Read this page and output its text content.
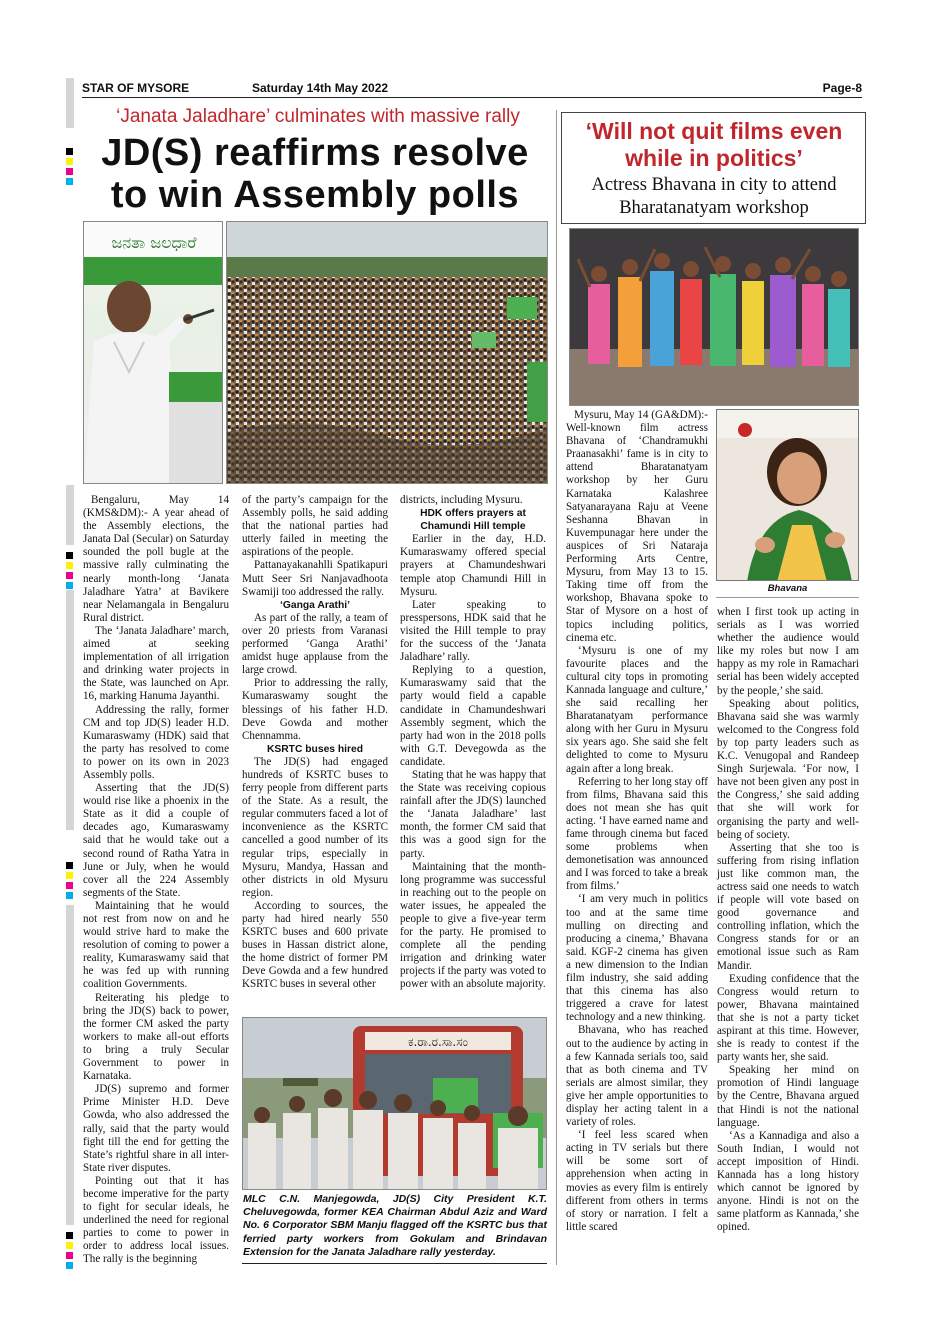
STAR OF MYSORE	Saturday 14th May 2022	Page-8
‘Janata Jaladhare’ culminates with massive rally
JD(S) reaffirms resolve
to win Assembly polls
ಜನತಾ ಜಲಧಾರೆ

Bengaluru, May 14 (KMS&DM):- A year ahead of the Assembly elections, the Janata Dal (Secular) on Saturday sounded the poll bugle at the massive rally culminating the nearly month-long ‘Janata Jaladhare Yatra’ at Bavikere near Nelamangala in Bengaluru Rural district.

The ‘Janata Jaladhare’ march, aimed at seeking implementation of all irrigation and drinking water projects in the State, was launched on Apr. 16, marking Hanuma Jayanthi.

Addressing the rally, former CM and top JD(S) leader H.D. Kumaraswamy (HDK) said that the party has resolved to come to power on its own in 2023 Assembly polls.

Asserting that the JD(S) would rise like a phoenix in the State as it did a couple of decades ago, Kumaraswamy said that he would take out a second round of Ratha Yatra in June or July, when he would cover all the 224 Assembly segments of the State.

Maintaining that he would not rest from now on and he would strive hard to make the resolution of coming to power a reality, Kumaraswamy said that he was fed up with running coalition Governments.

Reiterating his pledge to bring the JD(S) back to power, the former CM asked the party workers to make all-out efforts to bring a truly Secular Government to power in Karnataka.

JD(S) supremo and former Prime Minister H.D. Deve Gowda, who also addressed the rally, said that the party would fight till the end for getting the State’s rightful share in all inter-State river disputes.

Pointing out that it has become imperative for the party to fight for secular ideals, he underlined the need for regional parties to come to power in order to address local issues. The rally is the beginning

of the party’s campaign for the Assembly polls, he said adding that the national parties had utterly failed in meeting the aspirations of the people.

Pattanayakanahlli Spatikapuri Mutt Seer Sri Nanjavadhoota Swamiji too addressed the rally.

‘Ganga Arathi’

As part of the rally, a team of over 20 priests from Varanasi performed ‘Ganga Arathi’ amidst huge applause from the large crowd.

Prior to addressing the rally, Kumaraswamy sought the blessings of his father H.D. Deve Gowda and mother Chennamma.

KSRTC buses hired

The JD(S) had engaged hundreds of KSRTC buses to ferry people from different parts of the State. As a result, the regular commuters faced a lot of inconvenience as the KSRTC cancelled a good number of its regular trips, especially in Mysuru, Mandya, Hassan and other districts in old Mysuru region.

According to sources, the party had hired nearly 550 KSRTC buses and 600 private buses in Hassan district alone, the home district of former PM Deve Gowda and a few hundred KSRTC buses in several other

districts, including Mysuru.

HDK offers prayers at Chamundi Hill temple

Earlier in the day, H.D. Kumaraswamy offered special prayers at Chamundeshwari temple atop Chamundi Hill in Mysuru.

Later speaking to presspersons, HDK said that he visited the Hill temple to pray for the success of the ‘Janata Jaladhare’ rally.

Replying to a question, Kumaraswamy said that the party would field a capable candidate in Chamundeshwari Assembly segment, which the party had won in the 2018 polls with G.T. Devegowda as the candidate.

Stating that he was happy that the State was receiving copious rainfall after the JD(S) launched the ‘Janata Jaladhare’ last month, the former CM said that this was a good sign for the party.

Maintaining that the month-long programme was successful in reaching out to the people on water issues, he appealed the people to give a five-year term for the party. He promised to complete all the pending irrigation and drinking water projects if the party was voted to power with an absolute majority.

ಕ.ರಾ.ರ.ಸಾ.ಸಂ
MLC C.N. Manjegowda, JD(S) City President K.T. Cheluvegowda, former KEA Chairman Abdul Aziz and Ward No. 6 Corporator SBM Manju flagged off the KSRTC bus that ferried party workers from Gokulam and Brindavan Extension for the Janata Jaladhare rally yesterday.
‘Will not quit films even
while in politics’
Actress Bhavana in city to attend
Bharatanatyam workshop

Mysuru, May 14 (GA&DM):- Well-known film actress Bhavana of ‘Chandramukhi Praanasakhi’ fame is in city to attend Bharatanatyam workshop by her Guru Karnataka Kalashree Satyanarayana Raju at Veene Seshanna Bhavan in Kuvempunagar here under the auspices of Sri Nataraja Performing Arts Centre, Mysuru, from May 13 to 15. Taking time off from the workshop, Bhavana spoke to Star of Mysore on a host of topics including politics, cinema etc.

‘Mysuru is one of my favourite places and the cultural city tops in promoting Kannada language and culture,’ she said recalling her Bharatanatyam performance along with her Guru in Mysuru six years ago. She said she felt delighted to come to Mysuru again after a long break.

Referring to her long stay off from films, Bhavana said this does not mean she has quit acting. ‘I have earned name and fame through cinema but faced some problems when demonetisation was announced and I was forced to take a break from films.’

‘I am very much in politics too and at the same time mulling on directing and producing a cinema,’ Bhavana said. KGF-2 cinema has given a new dimension to the Indian film industry, she said adding that this cinema has also triggered a crave for latest technology and a new thinking.

Bhavana, who has reached out to the audience by acting in a few Kannada serials too, said that as both cinema and TV serials are almost similar, they give her ample opportunities to display her acting talent in a variety of roles.

‘I feel less scared when acting in TV serials but there will be some sort of apprehension when acting in movies as every film is entirely different from others in terms of story or narration. I felt a little scared

Bhavana

when I first took up acting in serials as I was worried whether the audience would like my roles but now I am happy as my role in Ramachari serial has been widely accepted by the people,’ she said.

Speaking about politics, Bhavana said she was warmly welcomed to the Congress fold by top party leaders such as K.C. Venugopal and Randeep Singh Surjewala. ‘For now, I have not been given any post in the Congress,’ she said adding that she will work for organising the party and well-being of society.

Asserting that she too is suffering from rising inflation just like common man, the actress said one needs to watch if people will vote based on good governance and controlling inflation, which the Congress stands for or an emotional issue such as Ram Mandir.

Exuding confidence that the Congress would return to power, Bhavana maintained that she is not a party ticket aspirant at this time. However, she is ready to contest if the party wants her, she said.

Speaking her mind on promotion of Hindi language by the Centre, Bhavana argued that Hindi is not the national language.

‘As a Kannadiga and also a South Indian, I would not accept imposition of Hindi. Kannada has a long history which cannot be ignored by anyone. Hindi is not on the same platform as Kannada,’ she opined.
